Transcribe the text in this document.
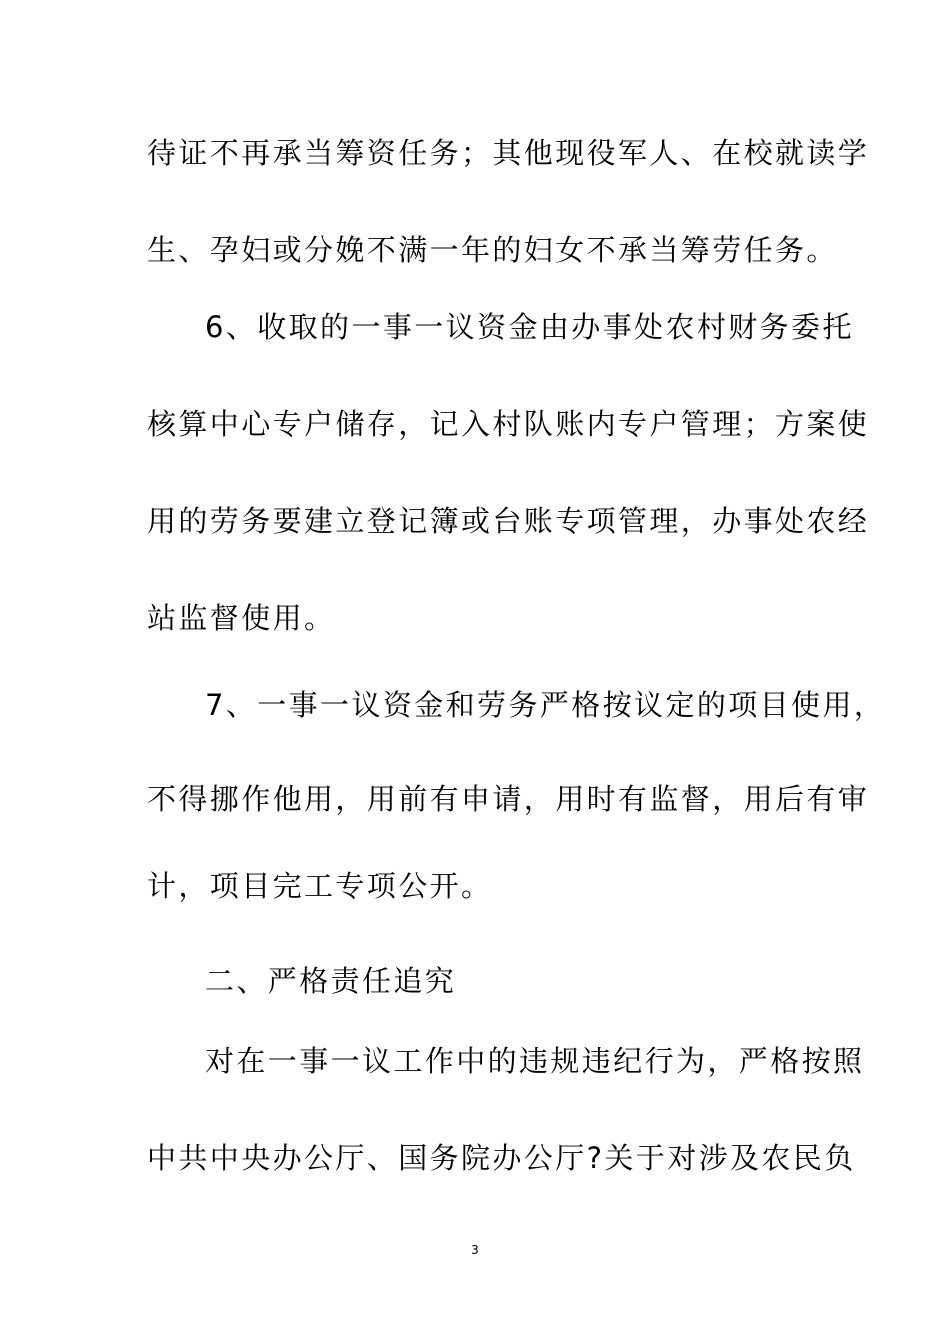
待证不再承当筹资任务；其他现役军人、在校就读学
生、孕妇或分娩不满一年的妇女不承当筹劳任务。
6、收取的一事一议资金由办事处农村财务委托
核算中心专户储存，记入村队账内专户管理；方案使
用的劳务要建立登记簿或台账专项管理，办事处农经
站监督使用。
7、一事一议资金和劳务严格按议定的项目使用，
不得挪作他用，用前有申请，用时有监督，用后有审
计，项目完工专项公开。
二、严格责任追究
对在一事一议工作中的违规违纪行为，严格按照
中共中央办公厅、国务院办公厅?关于对涉及农民负
3
